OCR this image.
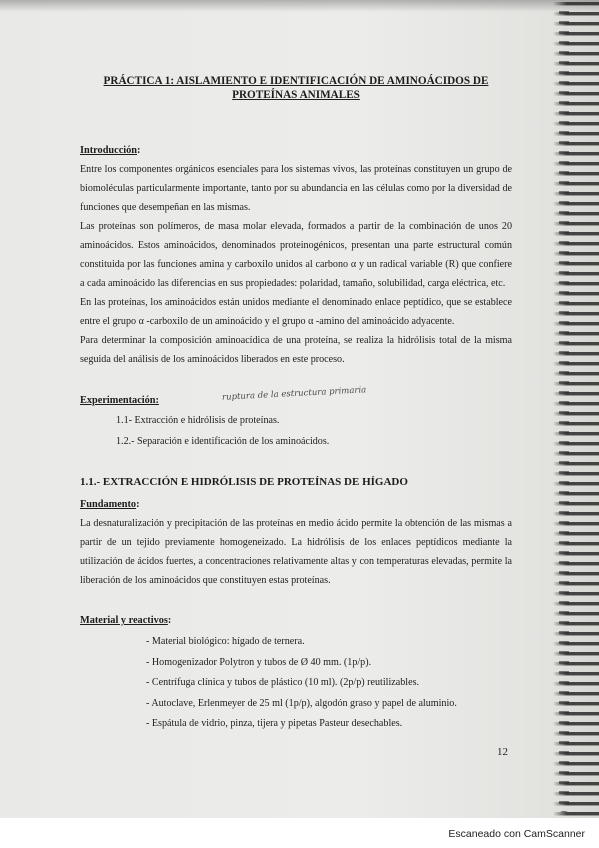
PRÁCTICA 1: AISLAMIENTO E IDENTIFICACIÓN DE AMINOÁCIDOS DE
PROTEÍNAS ANIMALES
Introducción:

Entre los componentes orgánicos esenciales para los sistemas vivos, las proteínas constituyen un grupo de biomoléculas particularmente importante, tanto por su abundancia en las células como por la diversidad de funciones que desempeñan en las mismas.

Las proteínas son polímeros, de masa molar elevada, formados a partir de la combinación de unos 20 aminoácidos. Estos aminoácidos, denominados proteinogénicos, presentan una parte estructural común constituida por las funciones amina y carboxilo unidos al carbono α y un radical variable (R) que confiere a cada aminoácido las diferencias en sus propiedades: polaridad, tamaño, solubilidad, carga eléctrica, etc.

En las proteínas, los aminoácidos están unidos mediante el denominado enlace peptídico, que se establece entre el grupo α -carboxilo de un aminoácido y el grupo α -amino del aminoácido adyacente.

Para determinar la composición aminoacídica de una proteína, se realiza la hidrólisis total de la misma seguida del análisis de los aminoácidos liberados en este proceso.

Experimentación:	ruptura de la estructura primaria
1.1- Extracción e hidrólisis de proteínas.
1.2.- Separación e identificación de los aminoácidos.
1.1.- EXTRACCIÓN E HIDRÓLISIS DE PROTEÍNAS DE HÍGADO
Fundamento:

La desnaturalización y precipitación de las proteínas en medio ácido permite la obtención de las mismas a partir de un tejido previamente homogeneizado. La hidrólisis de los enlaces peptídicos mediante la utilización de ácidos fuertes, a concentraciones relativamente altas y con temperaturas elevadas, permite la liberación de los aminoácidos que constituyen estas proteínas.

Material y reactivos:
- Material biológico: hígado de ternera.
- Homogenizador Polytron y tubos de Ø 40 mm. (1p/p).
- Centrífuga clínica y tubos de plástico (10 ml). (2p/p) reutilizables.
- Autoclave, Erlenmeyer de 25 ml (1p/p), algodón graso y papel de aluminio.
- Espátula de vidrio, pinza, tijera y pipetas Pasteur desechables.
12
Escaneado con CamScanner
